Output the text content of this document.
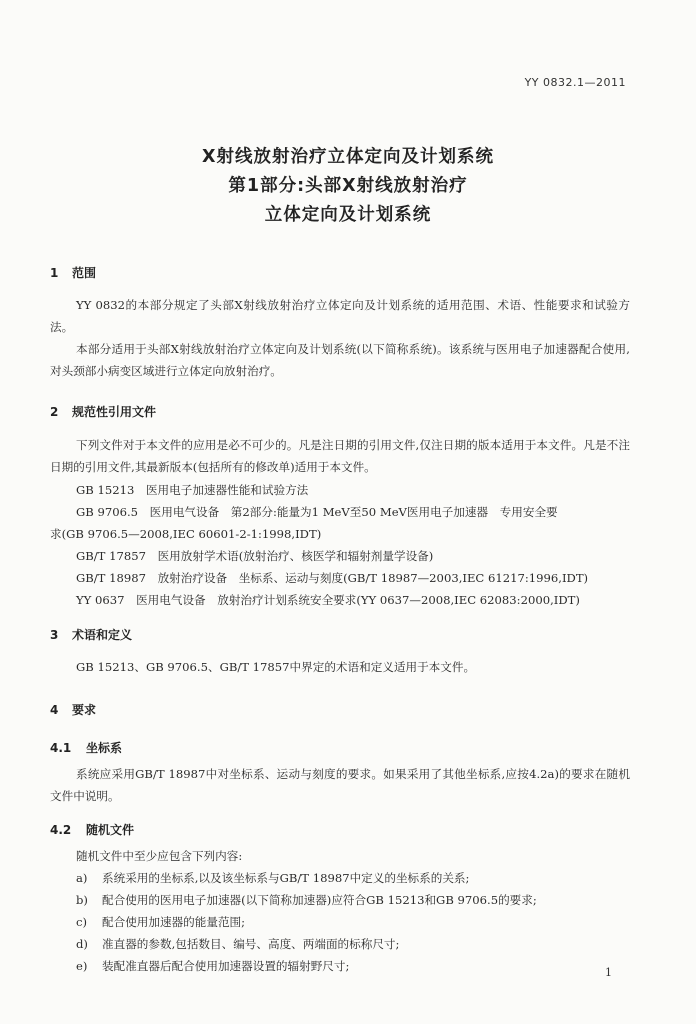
YY 0832.1—2011
X射线放射治疗立体定向及计划系统
第1部分:头部X射线放射治疗
立体定向及计划系统
1 范围
YY 0832的本部分规定了头部X射线放射治疗立体定向及计划系统的适用范围、术语、性能要求和试验方法。
本部分适用于头部X射线放射治疗立体定向及计划系统(以下简称系统)。该系统与医用电子加速器配合使用,对头颈部小病变区域进行立体定向放射治疗。
2 规范性引用文件
下列文件对于本文件的应用是必不可少的。凡是注日期的引用文件,仅注日期的版本适用于本文件。凡是不注日期的引用文件,其最新版本(包括所有的修改单)适用于本文件。
GB 15213　医用电子加速器性能和试验方法
GB 9706.5　医用电气设备　第2部分:能量为1 MeV至50 MeV医用电子加速器　专用安全要
求(GB 9706.5—2008,IEC 60601-2-1:1998,IDT)
GB/T 17857　医用放射学术语(放射治疗、核医学和辐射剂量学设备)
GB/T 18987　放射治疗设备　坐标系、运动与刻度(GB/T 18987—2003,IEC 61217:1996,IDT)
YY 0637　医用电气设备　放射治疗计划系统安全要求(YY 0637—2008,IEC 62083:2000,IDT)
3 术语和定义
GB 15213、GB 9706.5、GB/T 17857中界定的术语和定义适用于本文件。
4 要求
4.1 坐标系
系统应采用GB/T 18987中对坐标系、运动与刻度的要求。如果采用了其他坐标系,应按4.2a)的要求在随机文件中说明。
4.2 随机文件
随机文件中至少应包含下列内容:
a) 系统采用的坐标系,以及该坐标系与GB/T 18987中定义的坐标系的关系;
b) 配合使用的医用电子加速器(以下简称加速器)应符合GB 15213和GB 9706.5的要求;
c) 配合使用加速器的能量范围;
d) 准直器的参数,包括数目、编号、高度、两端面的标称尺寸;
e) 装配准直器后配合使用加速器设置的辐射野尺寸;	1
